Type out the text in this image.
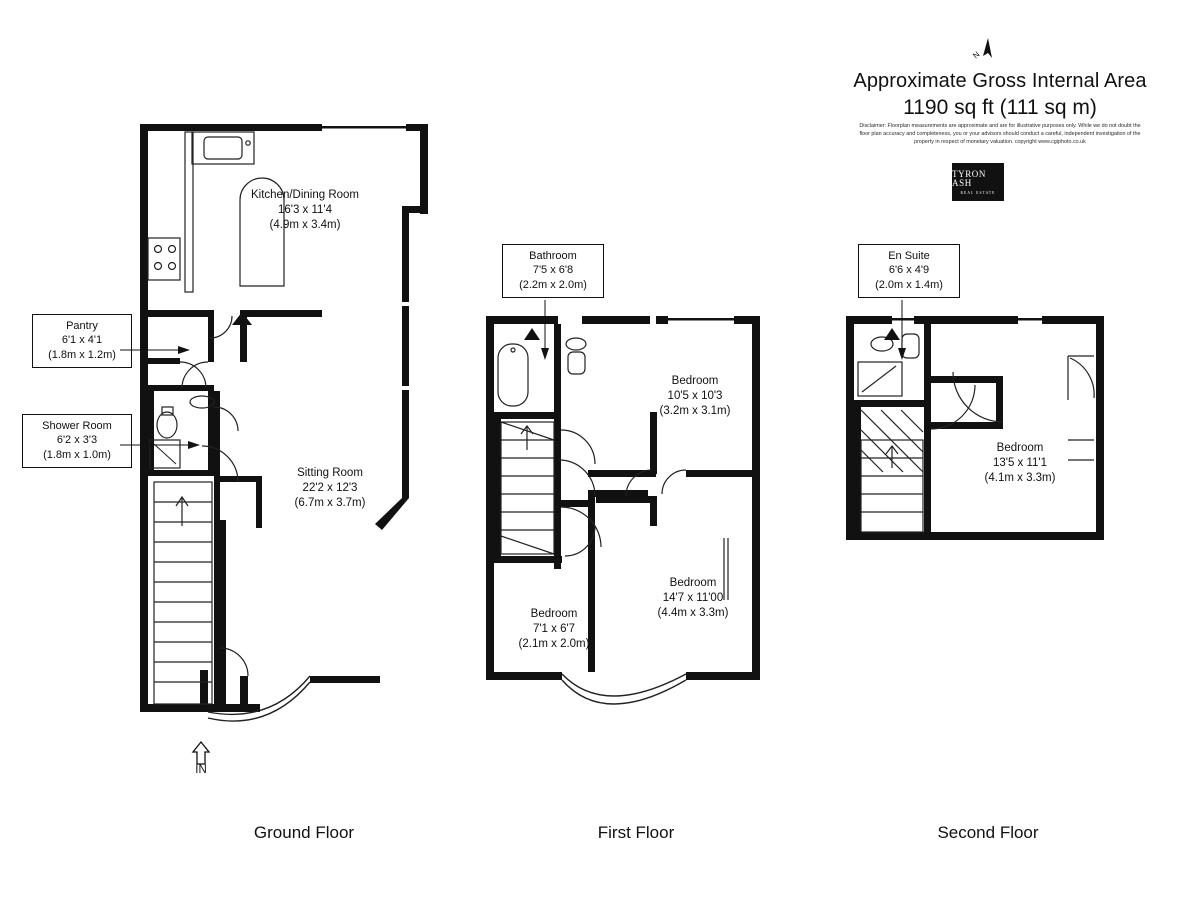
N
Approximate Gross Internal Area
1190 sq ft (111 sq m)
Disclaimer: Floorplan measurements are approximate and are for illustrative purposes only. While we do not doubt the floor plan accuracy and completeness, you or your advisors should conduct a careful, independent investigation of the property in respect of monetary valuation. copyright www.cgiphoto.co.uk
TYRON ASH
REAL ESTATE
Kitchen/Dining Room
16'3 x 11'4
(4.9m x 3.4m)
Sitting Room
22'2 x 12'3
(6.7m x 3.7m)
Pantry
6'1 x 4'1
(1.8m x 1.2m)
Shower Room
6'2 x 3'3
(1.8m x 1.0m)
IN
Bathroom
7'5 x 6'8
(2.2m x 2.0m)
Bedroom
10'5 x 10'3
(3.2m x 3.1m)
Bedroom
14'7 x 11'00
(4.4m x 3.3m)
Bedroom
7'1 x 6'7
(2.1m x 2.0m)
En Suite
6'6 x 4'9
(2.0m x 1.4m)
Bedroom
13'5 x 11'1
(4.1m x 3.3m)
Ground Floor	First Floor	Second Floor
